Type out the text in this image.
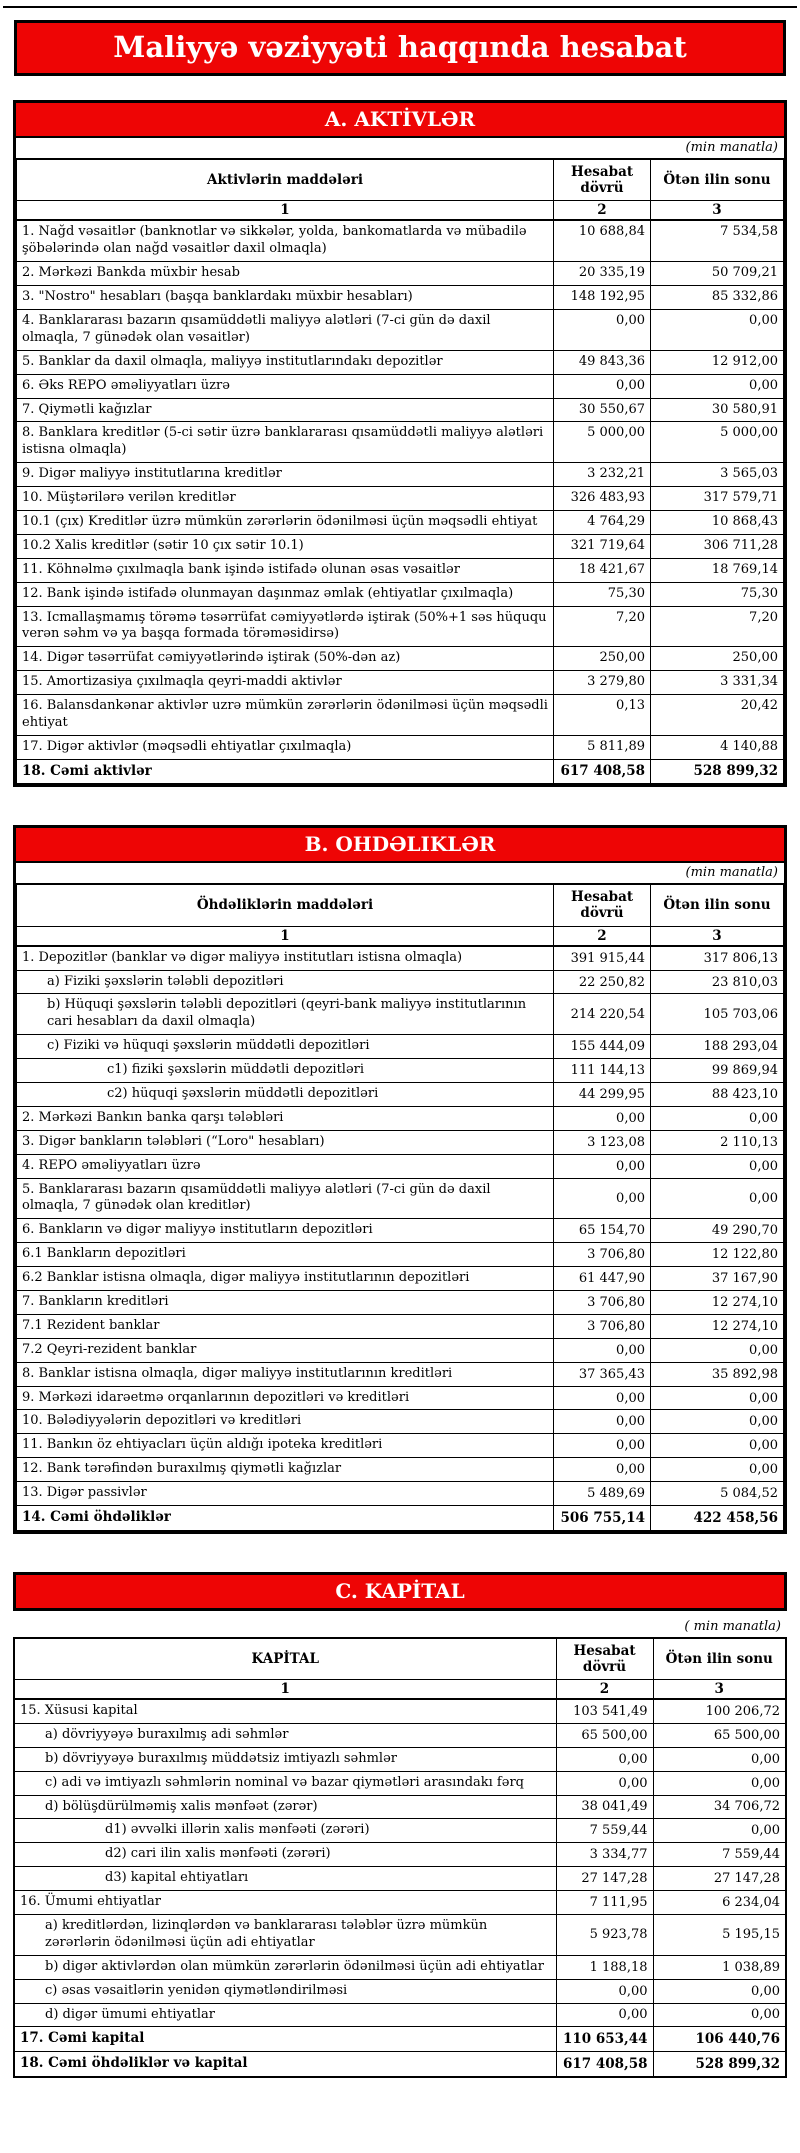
Maliyyə vəziyyəti haqqında hesabat
A. AKTİVLƏR
(min manatla)
Aktivlərin maddələri	Hesabat dövrü	Ötən ilin sonu
1	2	3
1. Nağd vəsaitlər (banknotlar və sikkələr, yolda, bankomatlarda və mübadilə şöbələrində olan nağd vəsaitlər daxil olmaqla)	10 688,84	7 534,58
2. Mərkəzi Bankda müxbir hesab	20 335,19	50 709,21
3. "Nostro" hesabları (başqa banklardakı müxbir hesabları)	148 192,95	85 332,86
4. Banklararası bazarın qısamüddətli maliyyə alətləri (7-ci gün də daxil olmaqla, 7 günədək olan vəsaitlər)	0,00	0,00
5. Banklar da daxil olmaqla, maliyyə institutlarındakı depozitlər	49 843,36	12 912,00
6. Əks REPO əməliyyatları üzrə	0,00	0,00
7. Qiymətli kağızlar	30 550,67	30 580,91
8. Banklara kreditlər (5-ci sətir üzrə banklararası qısamüddətli maliyyə alətləri istisna olmaqla)	5 000,00	5 000,00
9. Digər maliyyə institutlarına kreditlər	3 232,21	3 565,03
10. Müştərilərə verilən kreditlər	326 483,93	317 579,71
10.1 (çıx) Kreditlər üzrə mümkün zərərlərin ödənilməsi üçün məqsədli ehtiyat	4 764,29	10 868,43
10.2 Xalis kreditlər (sətir 10 çıx sətir 10.1)	321 719,64	306 711,28
11. Köhnəlmə çıxılmaqla bank işində istifadə olunan əsas vəsaitlər	18 421,67	18 769,14
12. Bank işində istifadə olunmayan daşınmaz əmlak (ehtiyatlar çıxılmaqla)	75,30	75,30
13. Icmallaşmamış törəmə təsərrüfat cəmiyyətlərdə iştirak (50%+1 səs hüququ verən səhm və ya başqa formada törəməsidirsə)	7,20	7,20
14. Digər təsərrüfat cəmiyyətlərində iştirak (50%-dən az)	250,00	250,00
15. Amortizasiya çıxılmaqla qeyri-maddi aktivlər	3 279,80	3 331,34
16. Balansdankənar aktivlər uzrə mümkün zərərlərin ödənilməsi üçün məqsədli ehtiyat	0,13	20,42
17. Digər aktivlər (məqsədli ehtiyatlar çıxılmaqla)	5 811,89	4 140,88
18. Cəmi aktivlər	617 408,58	528 899,32
B. OHDƏLIKLƏR
(min manatla)
Öhdəliklərin maddələri	Hesabat dövrü	Ötən ilin sonu
1	2	3
1. Depozitlər (banklar və digər maliyyə institutları istisna olmaqla)	391 915,44	317 806,13
a) Fiziki şəxslərin tələbli depozitləri	22 250,82	23 810,03
b) Hüquqi şəxslərin tələbli depozitləri (qeyri-bank maliyyə institutlarının cari hesabları da daxil olmaqla)	214 220,54	105 703,06
c) Fiziki və hüquqi şəxslərin müddətli depozitləri	155 444,09	188 293,04
c1) fiziki şəxslərin müddətli depozitləri	111 144,13	99 869,94
c2) hüquqi şəxslərin müddətli depozitləri	44 299,95	88 423,10
2. Mərkəzi Bankın banka qarşı tələbləri	0,00	0,00
3. Digər bankların tələbləri (“Loro" hesabları)	3 123,08	2 110,13
4. REPO əməliyyatları üzrə	0,00	0,00
5. Banklararası bazarın qısamüddətli maliyyə alətləri (7-ci gün də daxil olmaqla, 7 günədək olan kreditlər)	0,00	0,00
6. Bankların və digər maliyyə institutların depozitləri	65 154,70	49 290,70
6.1 Bankların depozitləri	3 706,80	12 122,80
6.2 Banklar istisna olmaqla, digər maliyyə institutlarının depozitləri	61 447,90	37 167,90
7. Bankların kreditləri	3 706,80	12 274,10
7.1 Rezident banklar	3 706,80	12 274,10
7.2 Qeyri-rezident banklar	0,00	0,00
8. Banklar istisna olmaqla, digər maliyyə institutlarının kreditləri	37 365,43	35 892,98
9. Mərkəzi idarəetmə orqanlarının depozitləri və kreditləri	0,00	0,00
10. Bələdiyyələrin depozitləri və kreditləri	0,00	0,00
11. Bankın öz ehtiyacları üçün aldığı ipoteka kreditləri	0,00	0,00
12. Bank tərəfindən buraxılmış qiymətli kağızlar	0,00	0,00
13. Digər passivlər	5 489,69	5 084,52
14. Cəmi öhdəliklər	506 755,14	422 458,56
C. KAPİTAL
( min manatla)
KAPİTAL	Hesabat dövrü	Ötən ilin sonu
1	2	3
15. Xüsusi kapital	103 541,49	100 206,72
a) dövriyyəyə buraxılmış adi səhmlər	65 500,00	65 500,00
b) dövriyyəyə buraxılmış müddətsiz imtiyazlı səhmlər	0,00	0,00
c) adi və imtiyazlı səhmlərin nominal və bazar qiymətləri arasındakı fərq	0,00	0,00
d) bölüşdürülməmiş xalis mənfəət (zərər)	38 041,49	34 706,72
d1) əvvəlki illərin xalis mənfəəti (zərəri)	7 559,44	0,00
d2) cari ilin xalis mənfəəti (zərəri)	3 334,77	7 559,44
d3) kapital ehtiyatları	27 147,28	27 147,28
16. Ümumi ehtiyatlar	7 111,95	6 234,04
a) kreditlərdən, lizinqlərdən və banklararası tələblər üzrə mümkün zərərlərin ödənilməsi üçün adi ehtiyatlar	5 923,78	5 195,15
b) digər aktivlərdən olan mümkün zərərlərin ödənilməsi üçün adi ehtiyatlar	1 188,18	1 038,89
c) əsas vəsaitlərin yenidən qiymətləndirilməsi	0,00	0,00
d) digər ümumi ehtiyatlar	0,00	0,00
17. Cəmi kapital	110 653,44	106 440,76
18. Cəmi öhdəliklər və kapital	617 408,58	528 899,32
